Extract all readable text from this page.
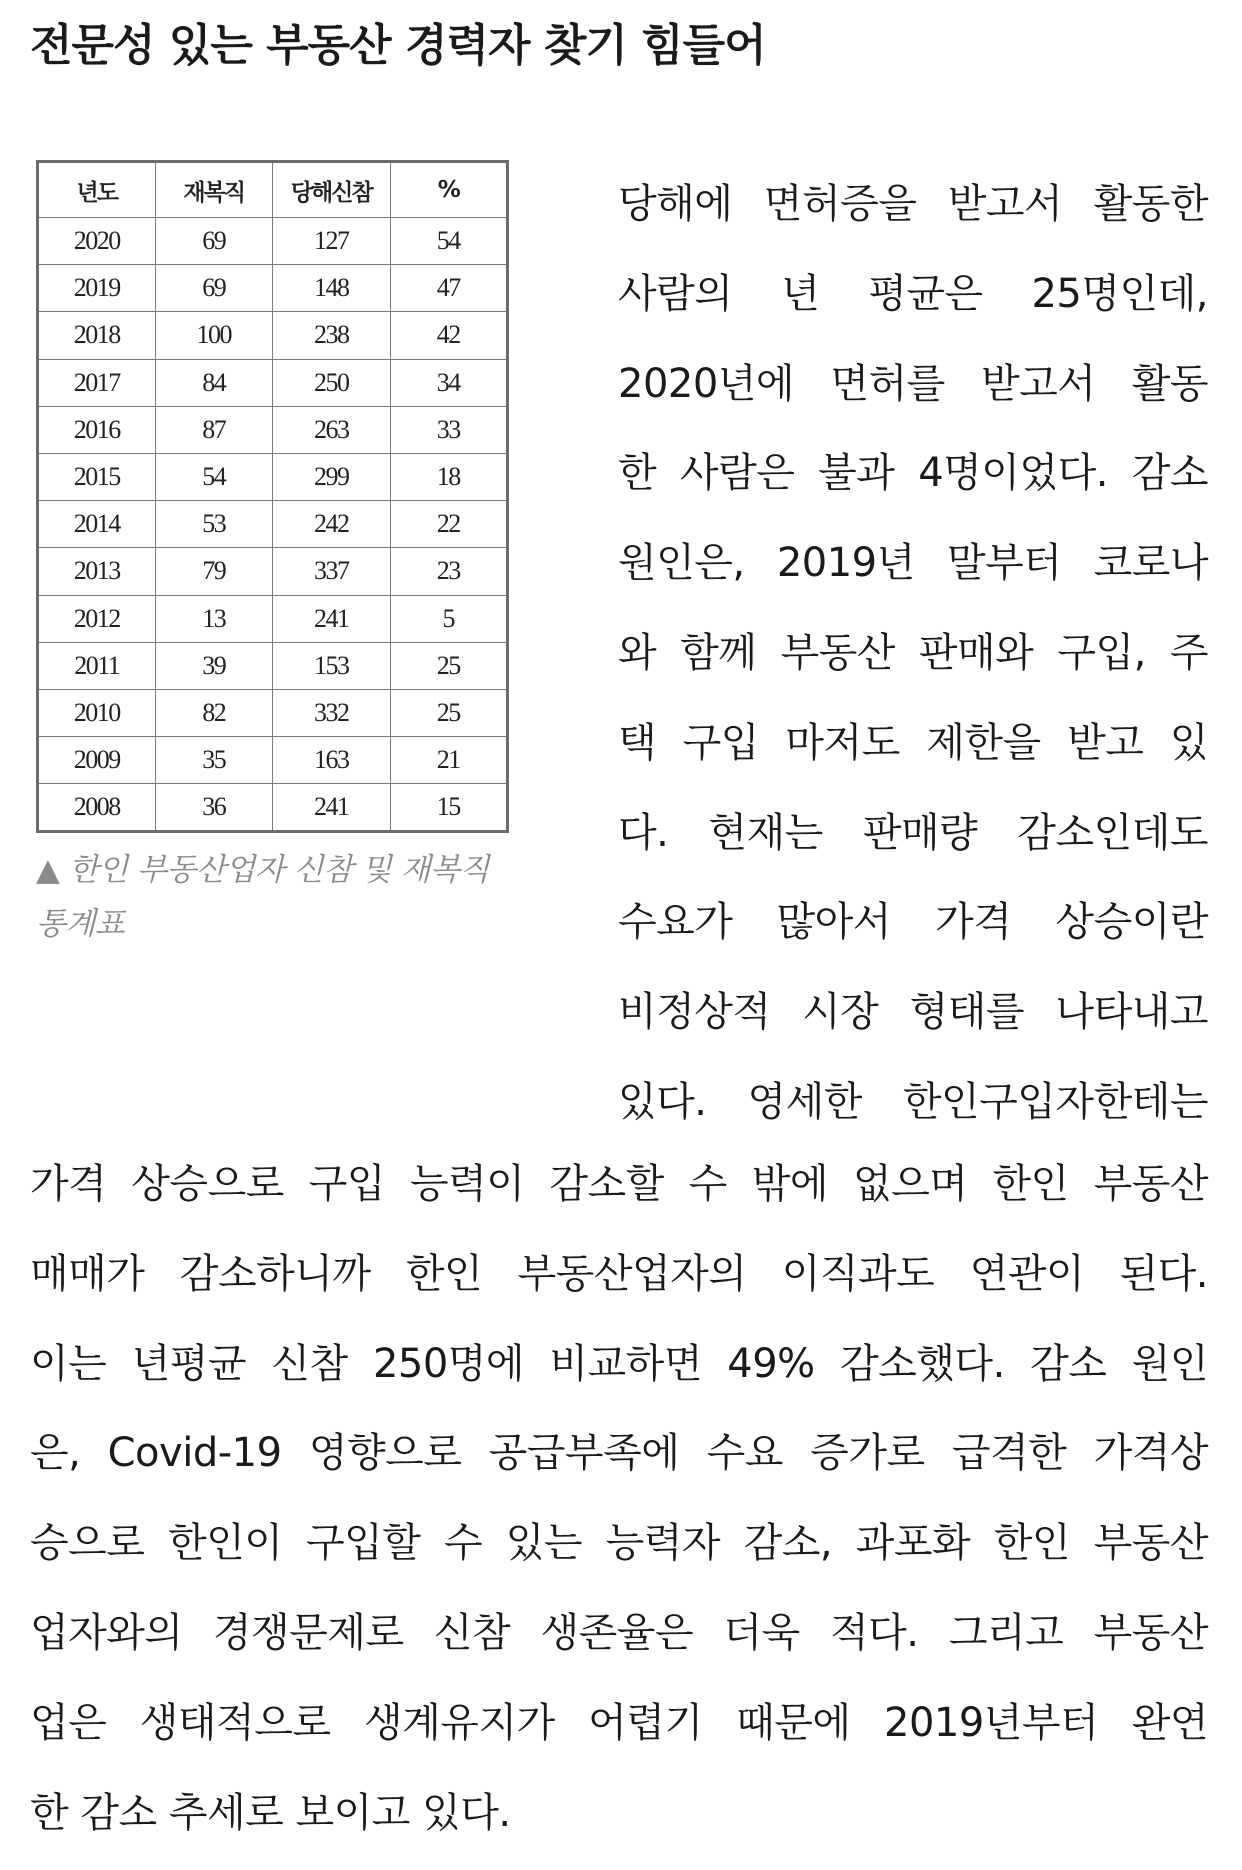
전문성 있는 부동산 경력자 찾기 힘들어
년도	재복직	당해신참	%
2020	69	127	54
2019	69	148	47
2018	100	238	42
2017	84	250	34
2016	87	263	33
2015	54	299	18
2014	53	242	22
2013	79	337	23
2012	13	241	5
2011	39	153	25
2010	82	332	25
2009	35	163	21
2008	36	241	15
▲ 한인 부동산업자 신참 및 재복직 통계표
당해에 면허증을 받고서 활동한
사람의 년 평균은 25명인데,
2020년에 면허를 받고서 활동
한 사람은 불과 4명이었다. 감소
원인은, 2019년 말부터 코로나
와 함께 부동산 판매와 구입, 주
택 구입 마저도 제한을 받고 있
다. 현재는 판매량 감소인데도
수요가 많아서 가격 상승이란
비정상적 시장 형태를 나타내고
있다. 영세한 한인구입자한테는
가격 상승으로 구입 능력이 감소할 수 밖에 없으며 한인 부동산
매매가 감소하니까 한인 부동산업자의 이직과도 연관이 된다.
이는 년평균 신참 250명에 비교하면 49% 감소했다. 감소 원인
은, Covid-19 영향으로 공급부족에 수요 증가로 급격한 가격상
승으로 한인이 구입할 수 있는 능력자 감소, 과포화 한인 부동산
업자와의 경쟁문제로 신참 생존율은 더욱 적다. 그리고 부동산
업은 생태적으로 생계유지가 어렵기 때문에 2019년부터 완연
한 감소 추세로 보이고 있다.
